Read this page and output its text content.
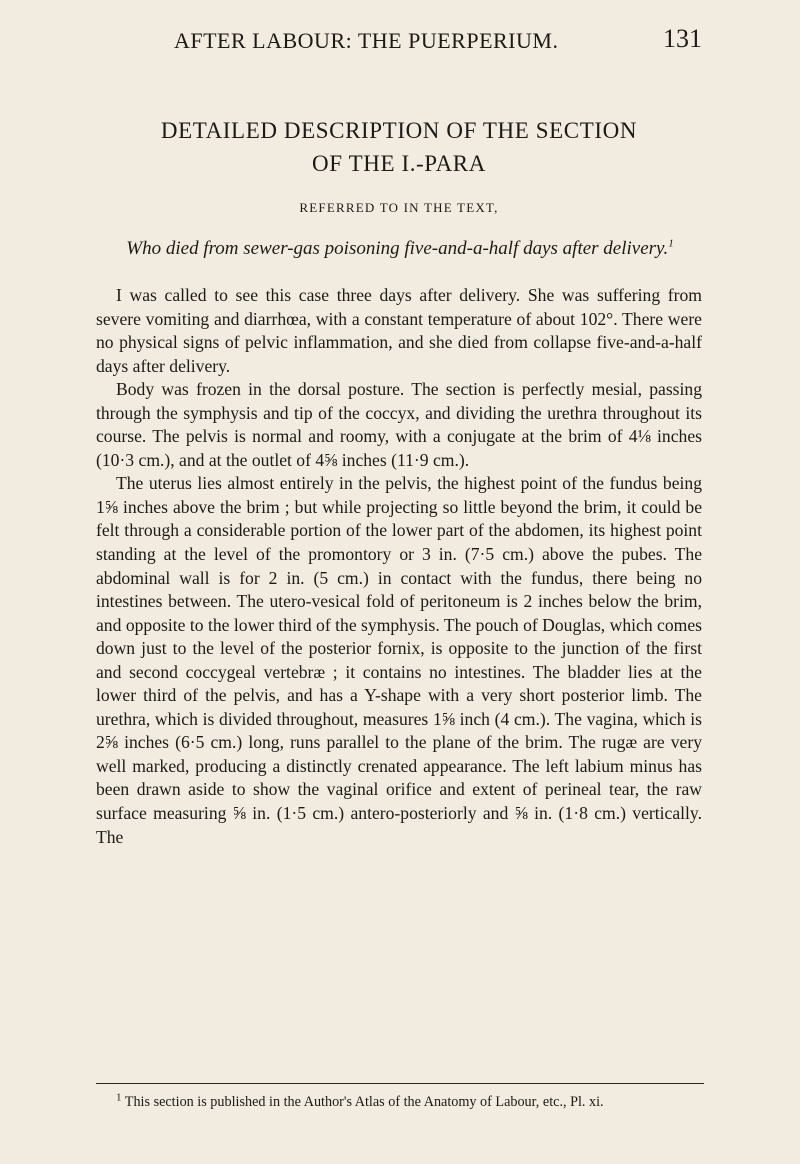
AFTER LABOUR: THE PUERPERIUM.	131
DETAILED DESCRIPTION OF THE SECTION
OF THE I.-PARA
REFERRED TO IN THE TEXT,
Who died from sewer-gas poisoning five-and-a-half days after delivery.$^1$

I was called to see this case three days after delivery. She was suffering from severe vomiting and diarrhœa, with a constant temperature of about 102°. There were no physical signs of pelvic inflammation, and she died from collapse five-and-a-half days after delivery.

Body was frozen in the dorsal posture. The section is perfectly mesial, passing through the symphysis and tip of the coccyx, and dividing the urethra throughout its course. The pelvis is normal and roomy, with a conjugate at the brim of 4⅛ inches (10·3 cm.), and at the outlet of 4⅝ inches (11·9 cm.).

The uterus lies almost entirely in the pelvis, the highest point of the fundus being 1⅝ inches above the brim ; but while projecting so little beyond the brim, it could be felt through a considerable portion of the lower part of the abdomen, its highest point standing at the level of the promontory or 3 in. (7·5 cm.) above the pubes. The abdominal wall is for 2 in. (5 cm.) in contact with the fundus, there being no intestines between. The utero-vesical fold of peritoneum is 2 inches below the brim, and opposite to the lower third of the symphysis. The pouch of Douglas, which comes down just to the level of the posterior fornix, is opposite to the junction of the first and second coccygeal vertebræ ; it contains no intestines. The bladder lies at the lower third of the pelvis, and has a Y-shape with a very short posterior limb. The urethra, which is divided throughout, measures 1⅝ inch (4 cm.). The vagina, which is 2⅝ inches (6·5 cm.) long, runs parallel to the plane of the brim. The rugæ are very well marked, producing a distinctly crenated appearance. The left labium minus has been drawn aside to show the vaginal orifice and extent of perineal tear, the raw surface measuring ⅝ in. (1·5 cm.) antero-posteriorly and ⅝ in. (1·8 cm.) vertically. The

$^1$ This section is published in the Author's Atlas of the Anatomy of Labour, etc., Pl. xi.
